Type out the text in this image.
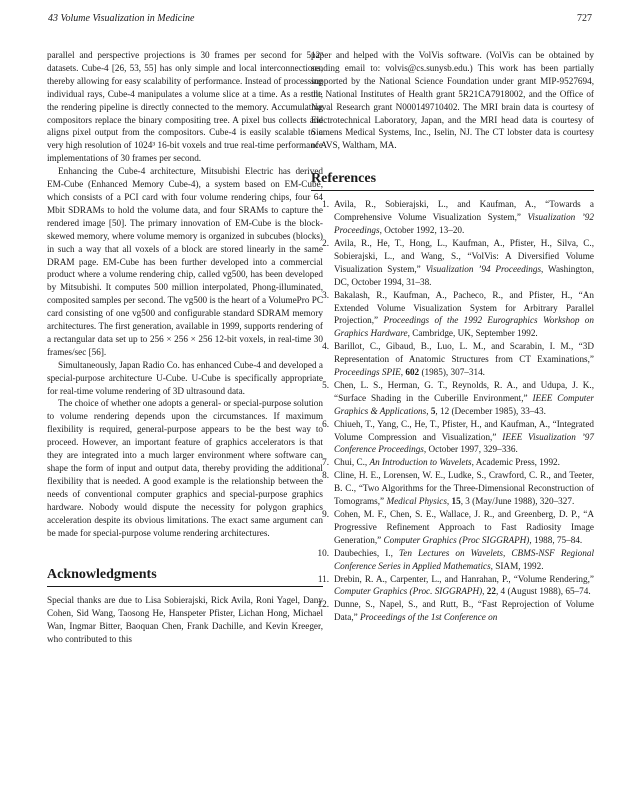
43 Volume Visualization in Medicine	727

parallel and perspective projections is 30 frames per second for 512³ datasets. Cube-4 [26, 53, 55] has only simple and local interconnections, thereby allowing for easy scalability of performance. Instead of processing individual rays, Cube-4 manipulates a volume slice at a time. As a result, the rendering pipeline is directly connected to the memory. Accumulating compositors replace the binary compositing tree. A pixel bus collects and aligns pixel output from the compositors. Cube-4 is easily scalable to a very high resolution of 1024³ 16-bit voxels and true real-time performance implementations of 30 frames per second.

Enhancing the Cube-4 architecture, Mitsubishi Electric has derived EM-Cube (Enhanced Memory Cube-4), a system based on EM-Cube, which consists of a PCI card with four volume rendering chips, four 64 Mbit SDRAMs to hold the volume data, and four SRAMs to capture the rendered image [50]. The primary innovation of EM-Cube is the block-skewed memory, where volume memory is organized in subcubes (blocks) in such a way that all voxels of a block are stored linearly in the same DRAM page. EM-Cube has been further developed into a commercial product where a volume rendering chip, called vg500, has been developed by Mitsubishi. It computes 500 million interpolated, Phong-illuminated, composited samples per second. The vg500 is the heart of a VolumePro PC card consisting of one vg500 and configurable standard SDRAM memory architectures. The first generation, available in 1999, supports rendering of a rectangular data set up to 256 × 256 × 256 12-bit voxels, in real-time 30 frames/sec [56].

Simultaneously, Japan Radio Co. has enhanced Cube-4 and developed a special-purpose architecture U-Cube. U-Cube is specifically appropriate for real-time volume rendering of 3D ultrasound data.

The choice of whether one adopts a general- or special-purpose solution to volume rendering depends upon the circumstances. If maximum flexibility is required, general-purpose appears to be the best way to proceed. However, an important feature of graphics accelerators is that they are integrated into a much larger environment where software can shape the form of input and output data, thereby providing the additional flexibility that is needed. A good example is the relationship between the needs of conventional computer graphics and special-purpose graphics hardware. Nobody would dispute the necessity for polygon graphics acceleration despite its obvious limitations. The exact same argument can be made for special-purpose volume rendering architectures.

Acknowledgments

Special thanks are due to Lisa Sobierajski, Rick Avila, Roni Yagel, Dany Cohen, Sid Wang, Taosong He, Hanspeter Pfister, Lichan Hong, Michael Wan, Ingmar Bitter, Baoquan Chen, Frank Dachille, and Kevin Kreeger, who contributed to this

paper and helped with the VolVis software. (VolVis can be obtained by sending email to: volvis@cs.sunysb.edu.) This work has been partially supported by the National Science Foundation under grant MIP-9527694, the National Institutes of Health grant 5R21CA7918002, and the Office of Naval Research grant N000149710402. The MRI brain data is courtesy of Electrotechnical Laboratory, Japan, and the MRI head data is courtesy of Siemens Medical Systems, Inc., Iselin, NJ. The CT lobster data is courtesy of AVS, Waltham, MA.

References
1. Avila, R., Sobierajski, L., and Kaufman, A., “Towards a Comprehensive Volume Visualization System,” Visualization ’92 Proceedings, October 1992, 13–20.
2. Avila, R., He, T., Hong, L., Kaufman, A., Pfister, H., Silva, C., Sobierajski, L., and Wang, S., “VolVis: A Diversified Volume Visualization System,” Visualization ’94 Proceedings, Washington, DC, October 1994, 31–38.
3. Bakalash, R., Kaufman, A., Pacheco, R., and Pfister, H., “An Extended Volume Visualization System for Arbitrary Parallel Projection,” Proceedings of the 1992 Eurographics Workshop on Graphics Hardware, Cambridge, UK, September 1992.
4. Barillot, C., Gibaud, B., Luo, L. M., and Scarabin, I. M., “3D Representation of Anatomic Structures from CT Examinations,” Proceedings SPIE, 602 (1985), 307–314.
5. Chen, L. S., Herman, G. T., Reynolds, R. A., and Udupa, J. K., “Surface Shading in the Cuberille Environment,” IEEE Computer Graphics & Applications, 5, 12 (December 1985), 33–43.
6. Chiueh, T., Yang, C., He, T., Pfister, H., and Kaufman, A., “Integrated Volume Compression and Visualization,” IEEE Visualization ’97 Conference Proceedings, October 1997, 329–336.
7. Chui, C., An Introduction to Wavelets, Academic Press, 1992.
8. Cline, H. E., Lorensen, W. E., Ludke, S., Crawford, C. R., and Teeter, B. C., “Two Algorithms for the Three-Dimensional Reconstruction of Tomograms,” Medical Physics, 15, 3 (May/June 1988), 320–327.
9. Cohen, M. F., Chen, S. E., Wallace, J. R., and Greenberg, D. P., “A Progressive Refinement Approach to Fast Radiosity Image Generation,” Computer Graphics (Proc SIGGRAPH), 1988, 75–84.
10. Daubechies, I., Ten Lectures on Wavelets, CBMS-NSF Regional Conference Series in Applied Mathematics, SIAM, 1992.
11. Drebin, R. A., Carpenter, L., and Hanrahan, P., “Volume Rendering,” Computer Graphics (Proc. SIGGRAPH), 22, 4 (August 1988), 65–74.
12. Dunne, S., Napel, S., and Rutt, B., “Fast Reprojection of Volume Data,” Proceedings of the 1st Conference on
